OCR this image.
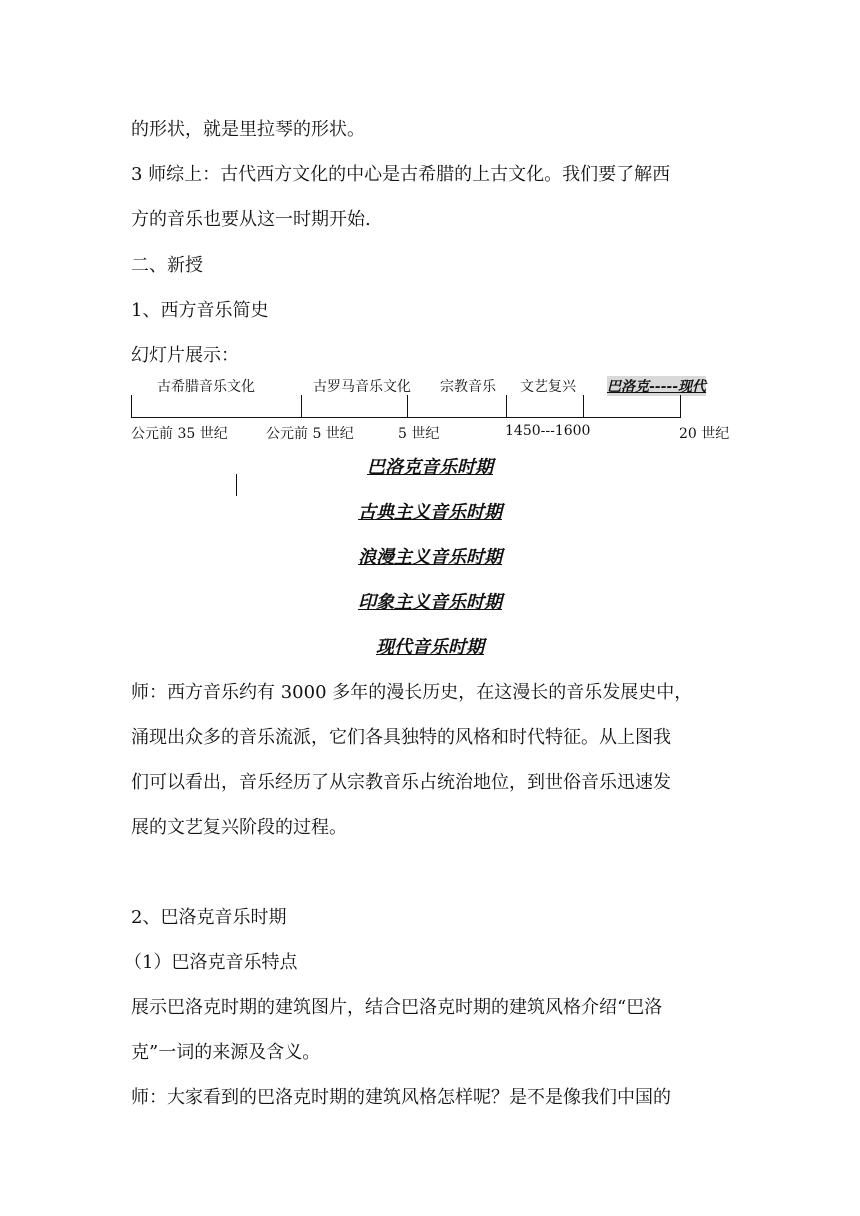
的形状，就是里拉琴的形状。
3 师综上：古代西方文化的中心是古希腊的上古文化。我们要了解西
方的音乐也要从这一时期开始.
二、新授
1、西方音乐简史
幻灯片展示：
古希腊音乐文化	古罗马音乐文化 宗教音乐 文艺复兴 巴洛克-----现代
公元前 35 世纪	公元前 5 世纪	5 世纪	1450---1600	20 世纪
巴洛克音乐时期
古典主义音乐时期
浪漫主义音乐时期
印象主义音乐时期
现代音乐时期
师：西方音乐约有 3000 多年的漫长历史，在这漫长的音乐发展史中，
涌现出众多的音乐流派，它们各具独特的风格和时代特征。从上图我
们可以看出，音乐经历了从宗教音乐占统治地位，到世俗音乐迅速发
展的文艺复兴阶段的过程。
2、巴洛克音乐时期
（1）巴洛克音乐特点
展示巴洛克时期的建筑图片，结合巴洛克时期的建筑风格介绍“巴洛
克”一词的来源及含义。
师：大家看到的巴洛克时期的建筑风格怎样呢？是不是像我们中国的
